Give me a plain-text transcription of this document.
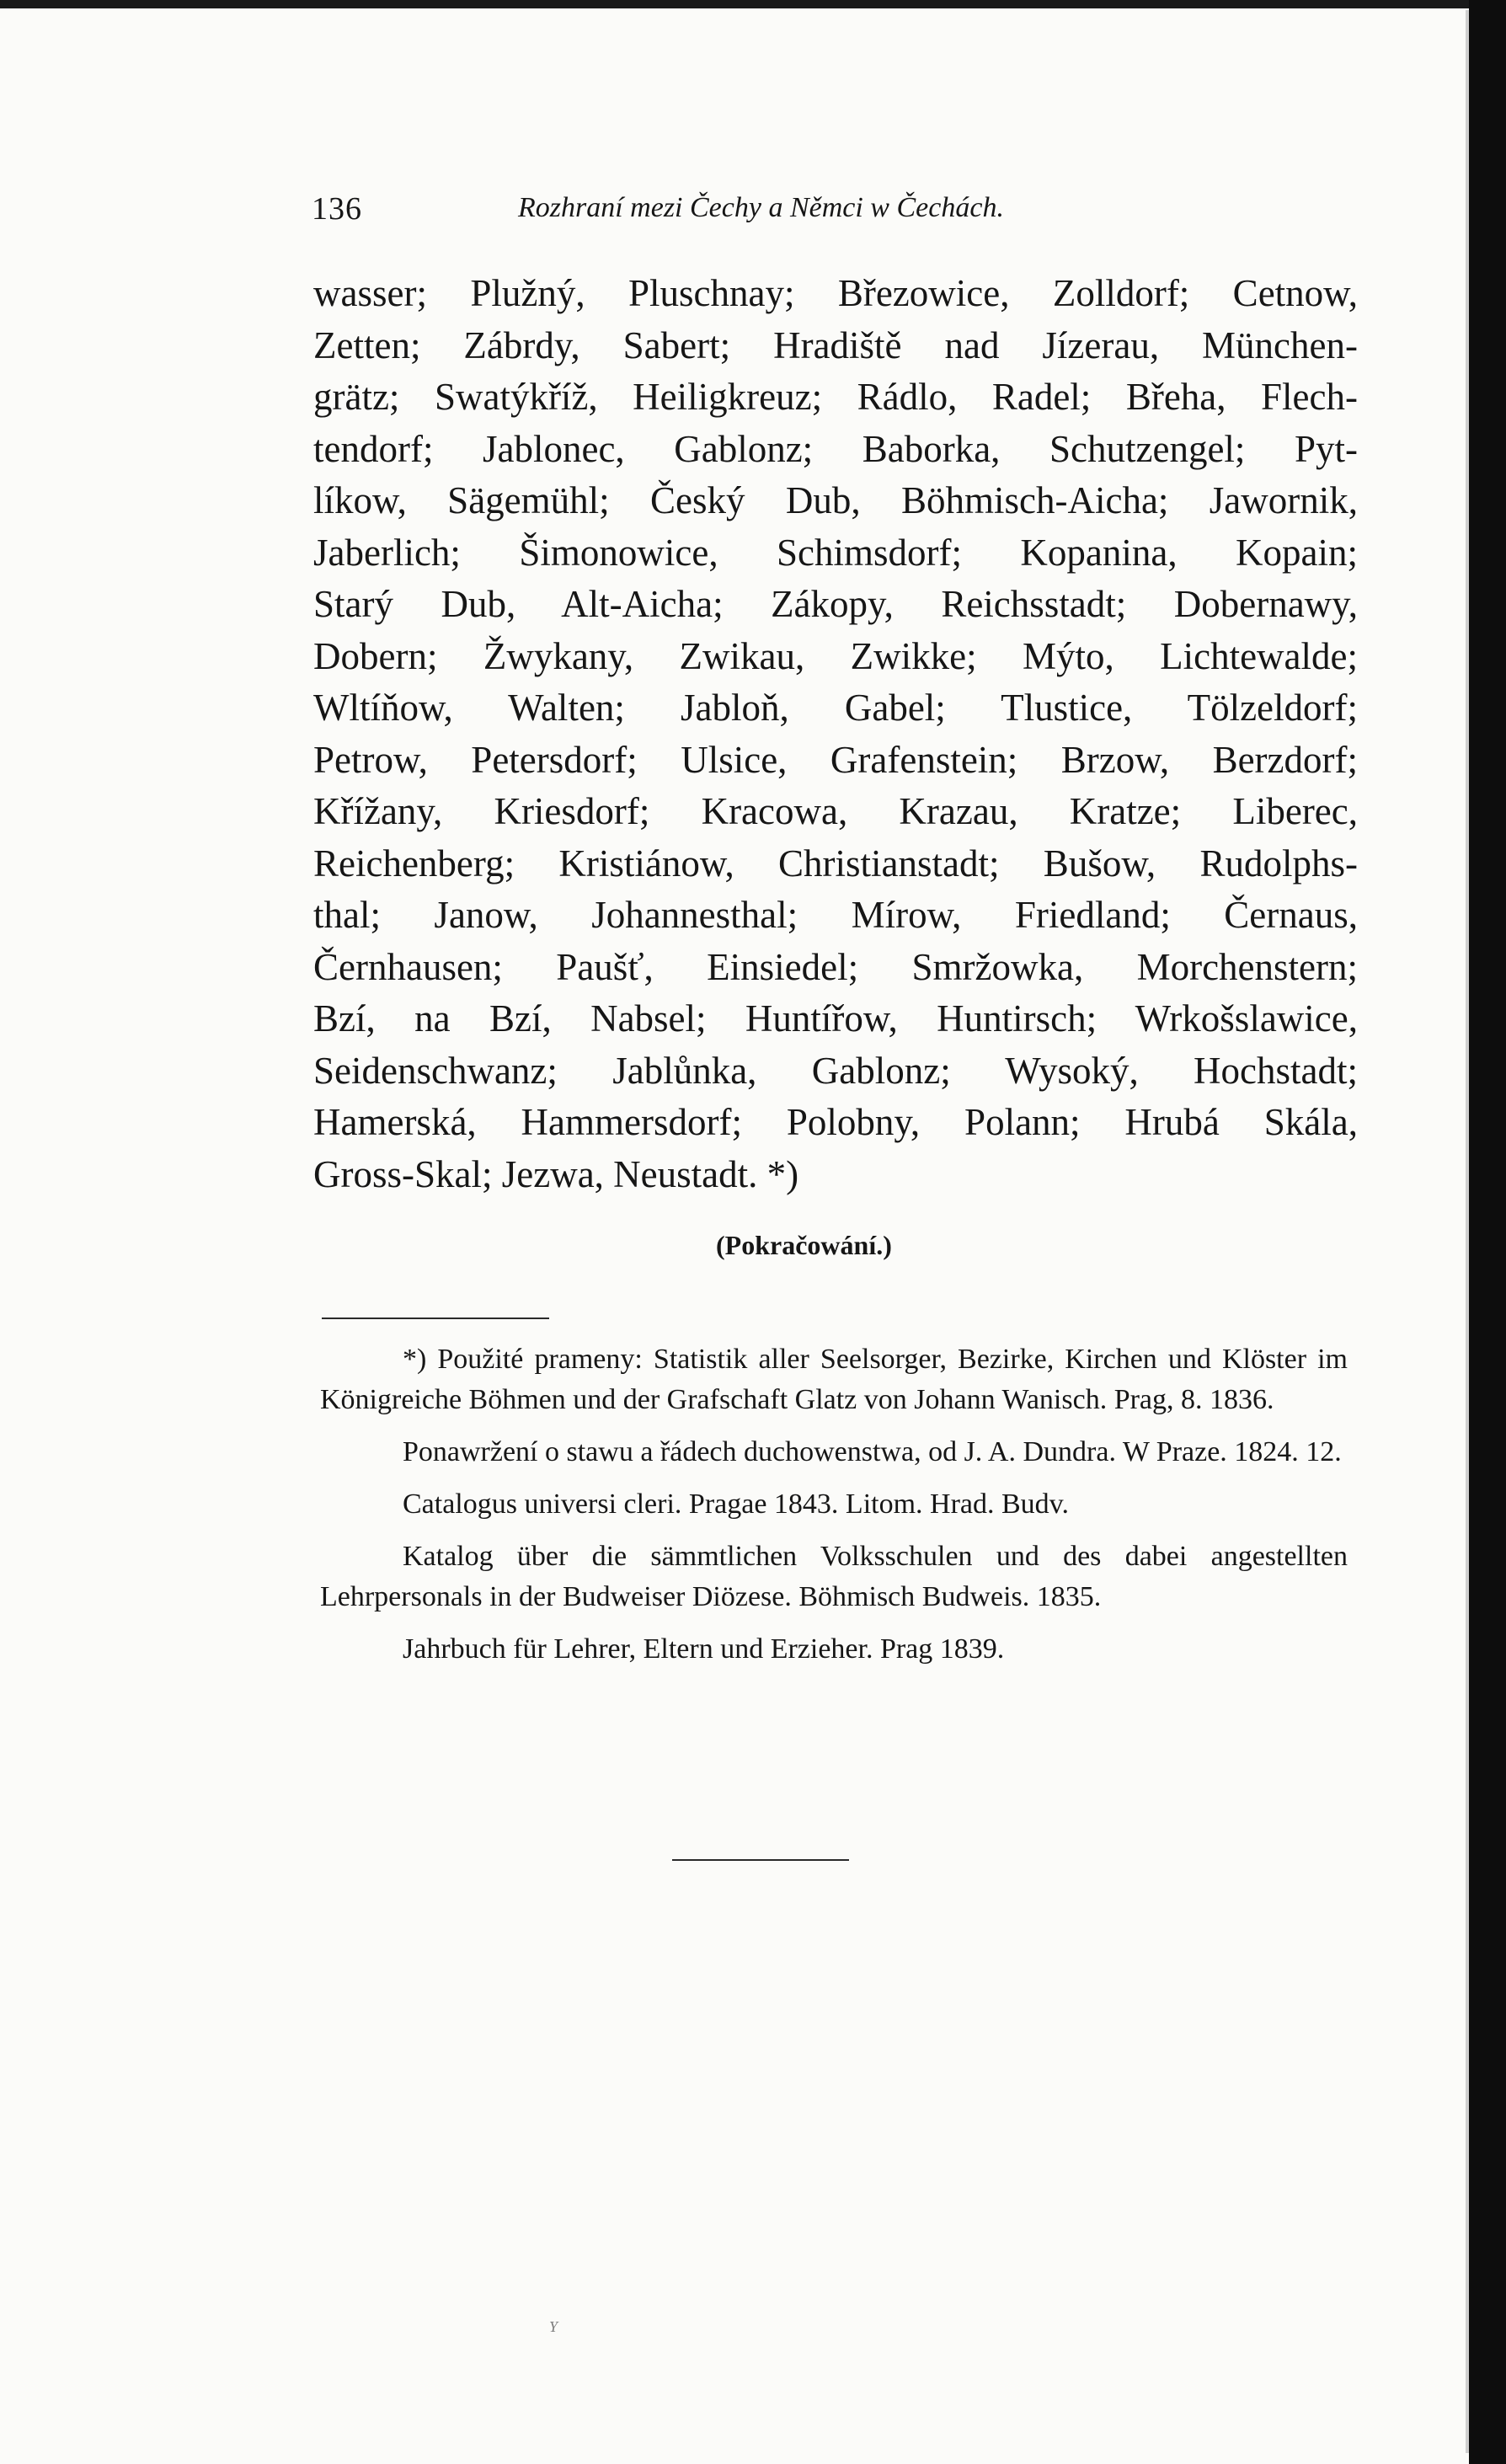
136	Rozhraní mezi Čechy a Němci w Čechách.
wasser; Plužný, Pluschnay; Březowice, Zolldorf; Cetnow,
Zetten; Zábrdy, Sabert; Hradiště nad Jízerau, München-
grätz; Swatýkříž, Heiligkreuz; Rádlo, Radel; Břeha, Flech-
tendorf; Jablonec, Gablonz; Baborka, Schutzengel; Pyt-
líkow, Sägemühl; Český Dub, Böhmisch-Aicha; Jawornik,
Jaberlich; Šimonowice, Schimsdorf; Kopanina, Kopain;
Starý Dub, Alt-Aicha; Zákopy, Reichsstadt; Dobernawy,
Dobern; Žwykany, Zwikau, Zwikke; Mýto, Lichtewalde;
Wltíňow, Walten; Jabloň, Gabel; Tlustice, Tölzeldorf;
Petrow, Petersdorf; Ulsice, Grafenstein; Brzow, Berzdorf;
Křížany, Kriesdorf; Kracowa, Krazau, Kratze; Liberec,
Reichenberg; Kristiánow, Christianstadt; Bušow, Rudolphs-
thal; Janow, Johannesthal; Mírow, Friedland; Černaus,
Černhausen; Paušť, Einsiedel; Smržowka, Morchenstern;
Bzí, na Bzí, Nabsel; Huntířow, Huntirsch; Wrkošslawice,
Seidenschwanz; Jablůnka, Gablonz; Wysoký, Hochstadt;
Hamerská, Hammersdorf; Polobny, Polann; Hrubá Skála,
Gross-Skal; Jezwa, Neustadt. *)
(Pokračowání.)

*) Použité prameny: Statistik aller Seelsorger, Bezirke, Kirchen und Klöster im Königreiche Böhmen und der Grafschaft Glatz von Johann Wanisch. Prag, 8. 1836.

Ponawržení o stawu a řádech duchowenstwa, od J. A. Dundra. W Praze. 1824. 12.

Catalogus universi cleri. Pragae 1843. Litom. Hrad. Budv.

Katalog über die sämmtlichen Volksschulen und des dabei angestellten Lehrpersonals in der Budweiser Diözese. Böhmisch Budweis. 1835.

Jahrbuch für Lehrer, Eltern und Erzieher. Prag 1839.

Y
